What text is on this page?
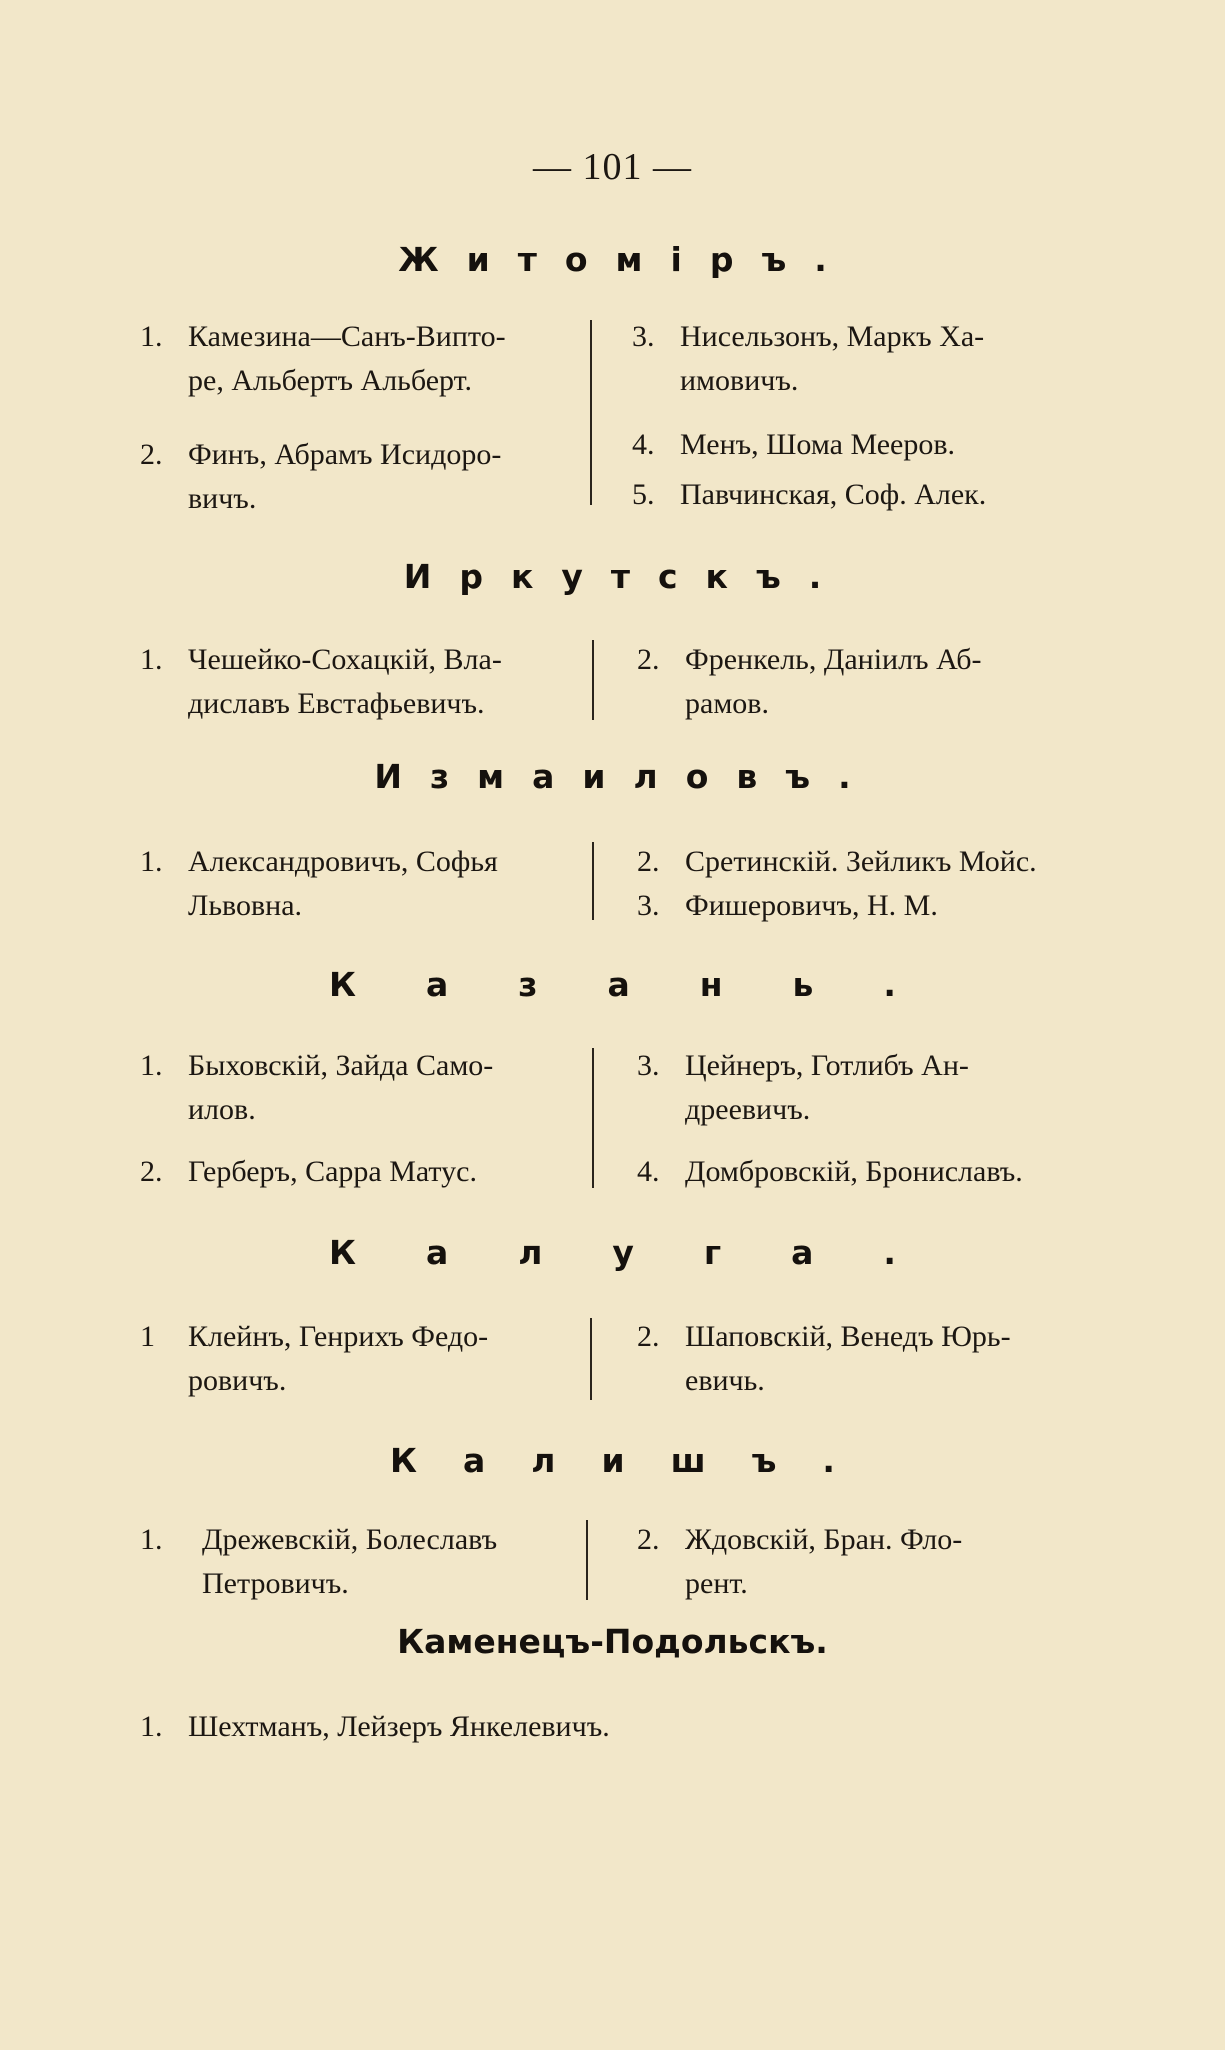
— 101 —
Житомiръ.
1. Камезина—Санъ-Випто-
ре, Альбертъ Альберт.
2. Финъ, Абрамъ Исидоро-
вичъ.
3. Нисельзонъ, Маркъ Ха-
имовичъ.
4. Менъ, Шома Мееров.
5. Павчинская, Соф. Алек.
Иркутскъ.
1. Чешейко-Сохацкiй, Вла-
диславъ Евстафьевичъ.
2. Френкель, Данiилъ Аб-
рамов.
Измаиловъ.
1. Александровичъ, Софья
Львовна.
2. Сретинскiй. Зейликъ Мойс.
3. Фишеровичъ, Н. М.
Казань.
1. Быховскiй, Зайда Само-
илов.
2. Герберъ, Сарра Матус.
3. Цейнеръ, Готлибъ Ан-
дреевичъ.
4. Домбровскiй, Брониславъ.
Калуга.
1 Клейнъ, Генрихъ Федо-
ровичъ.
2. Шаповскiй, Венедъ Юрь-
евичь.
Калишъ.
1. Дрежевскiй, Болеславъ
Петровичъ.
2. Ждовскiй, Бран. Фло-
рент.
Каменецъ-Подольскъ.
1. Шехтманъ, Лейзеръ Янкелевичъ.
